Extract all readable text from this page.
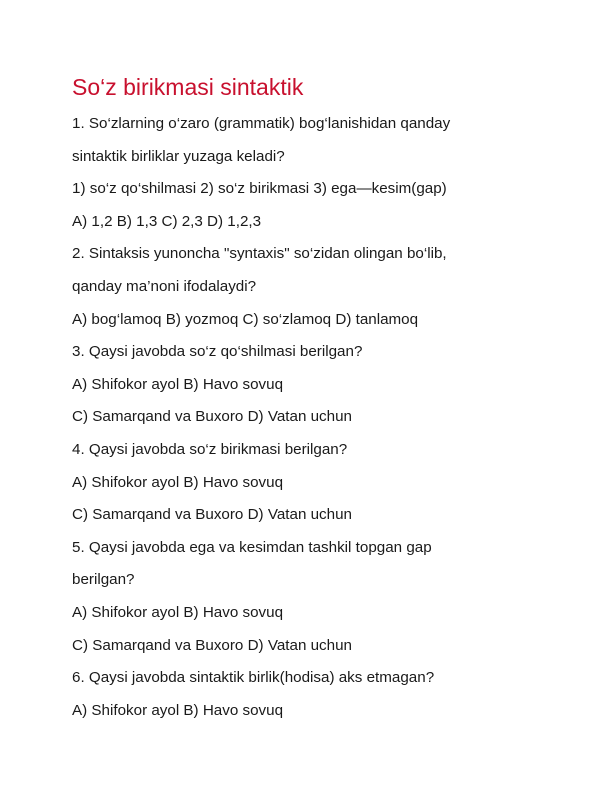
So‘z birikmasi sintaktik

1. So‘zlarning o‘zaro (grammatik) bog‘lanishidan qanday

sintaktik birliklar yuzaga keladi?

1) so‘z qo‘shilmasi 2) so‘z birikmasi 3) ega—kesim(gap)

A) 1,2 B) 1,3 C) 2,3 D) 1,2,3

2. Sintaksis yunoncha "syntaxis" so‘zidan olingan bo‘lib,

qanday ma’noni ifodalaydi?

A) bog‘lamoq B) yozmoq C) so‘zlamoq D) tanlamoq

3. Qaysi javobda so‘z qo‘shilmasi berilgan?

A) Shifokor ayol B) Havo sovuq

C) Samarqand va Buxoro D) Vatan uchun

4. Qaysi javobda so‘z birikmasi berilgan?

A) Shifokor ayol B) Havo sovuq

C) Samarqand va Buxoro D) Vatan uchun

5. Qaysi javobda ega va kesimdan tashkil topgan gap

berilgan?

A) Shifokor ayol B) Havo sovuq

C) Samarqand va Buxoro D) Vatan uchun

6. Qaysi javobda sintaktik birlik(hodisa) aks etmagan?

A) Shifokor ayol B) Havo sovuq
